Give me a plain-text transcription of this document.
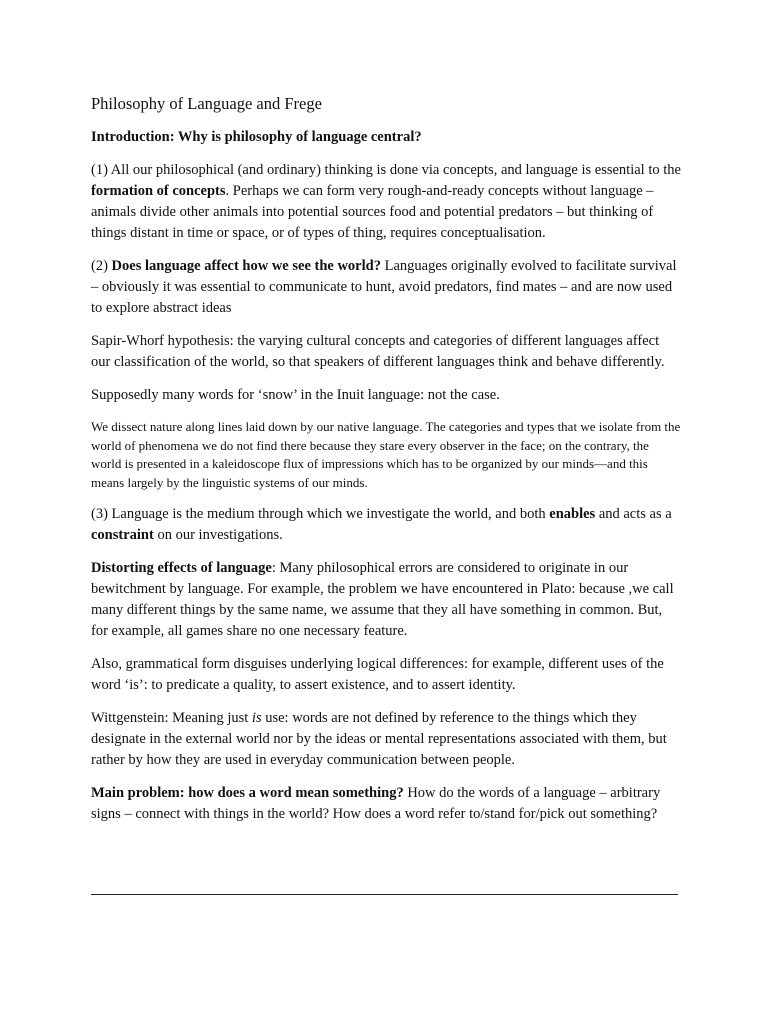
Philosophy of Language and Frege
Introduction: Why is philosophy of language central?

(1) All our philosophical (and ordinary) thinking is done via concepts, and language is essential to the formation of concepts. Perhaps we can form very rough-and-ready concepts without language – animals divide other animals into potential sources food and potential predators – but thinking of things distant in time or space, or of types of thing, requires conceptualisation.

(2) Does language affect how we see the world? Languages originally evolved to facilitate survival – obviously it was essential to communicate to hunt, avoid predators, find mates – and are now used to explore abstract ideas

Sapir-Whorf hypothesis: the varying cultural concepts and categories of different languages affect our classification of the world, so that speakers of different languages think and behave differently.

Supposedly many words for ‘snow’ in the Inuit language: not the case.

We dissect nature along lines laid down by our native language. The categories and types that we isolate from the world of phenomena we do not find there because they stare every observer in the face; on the contrary, the world is presented in a kaleidoscope flux of impressions which has to be organized by our minds—and this means largely by the linguistic systems of our minds.

(3) Language is the medium through which we investigate the world, and both enables and acts as a constraint on our investigations.

Distorting effects of language: Many philosophical errors are considered to originate in our bewitchment by language. For example, the problem we have encountered in Plato: because ,we call many different things by the same name, we assume that they all have something in common. But, for example, all games share no one necessary feature.

Also, grammatical form disguises underlying logical differences: for example, different uses of the word ‘is’: to predicate a quality, to assert existence, and to assert identity.

Wittgenstein: Meaning just is use: words are not defined by reference to the things which they designate in the external world nor by the ideas or mental representations associated with them, but rather by how they are used in everyday communication between people.

Main problem: how does a word mean something? How do the words of a language – arbitrary signs – connect with things in the world? How does a word refer to/stand for/pick out something?
